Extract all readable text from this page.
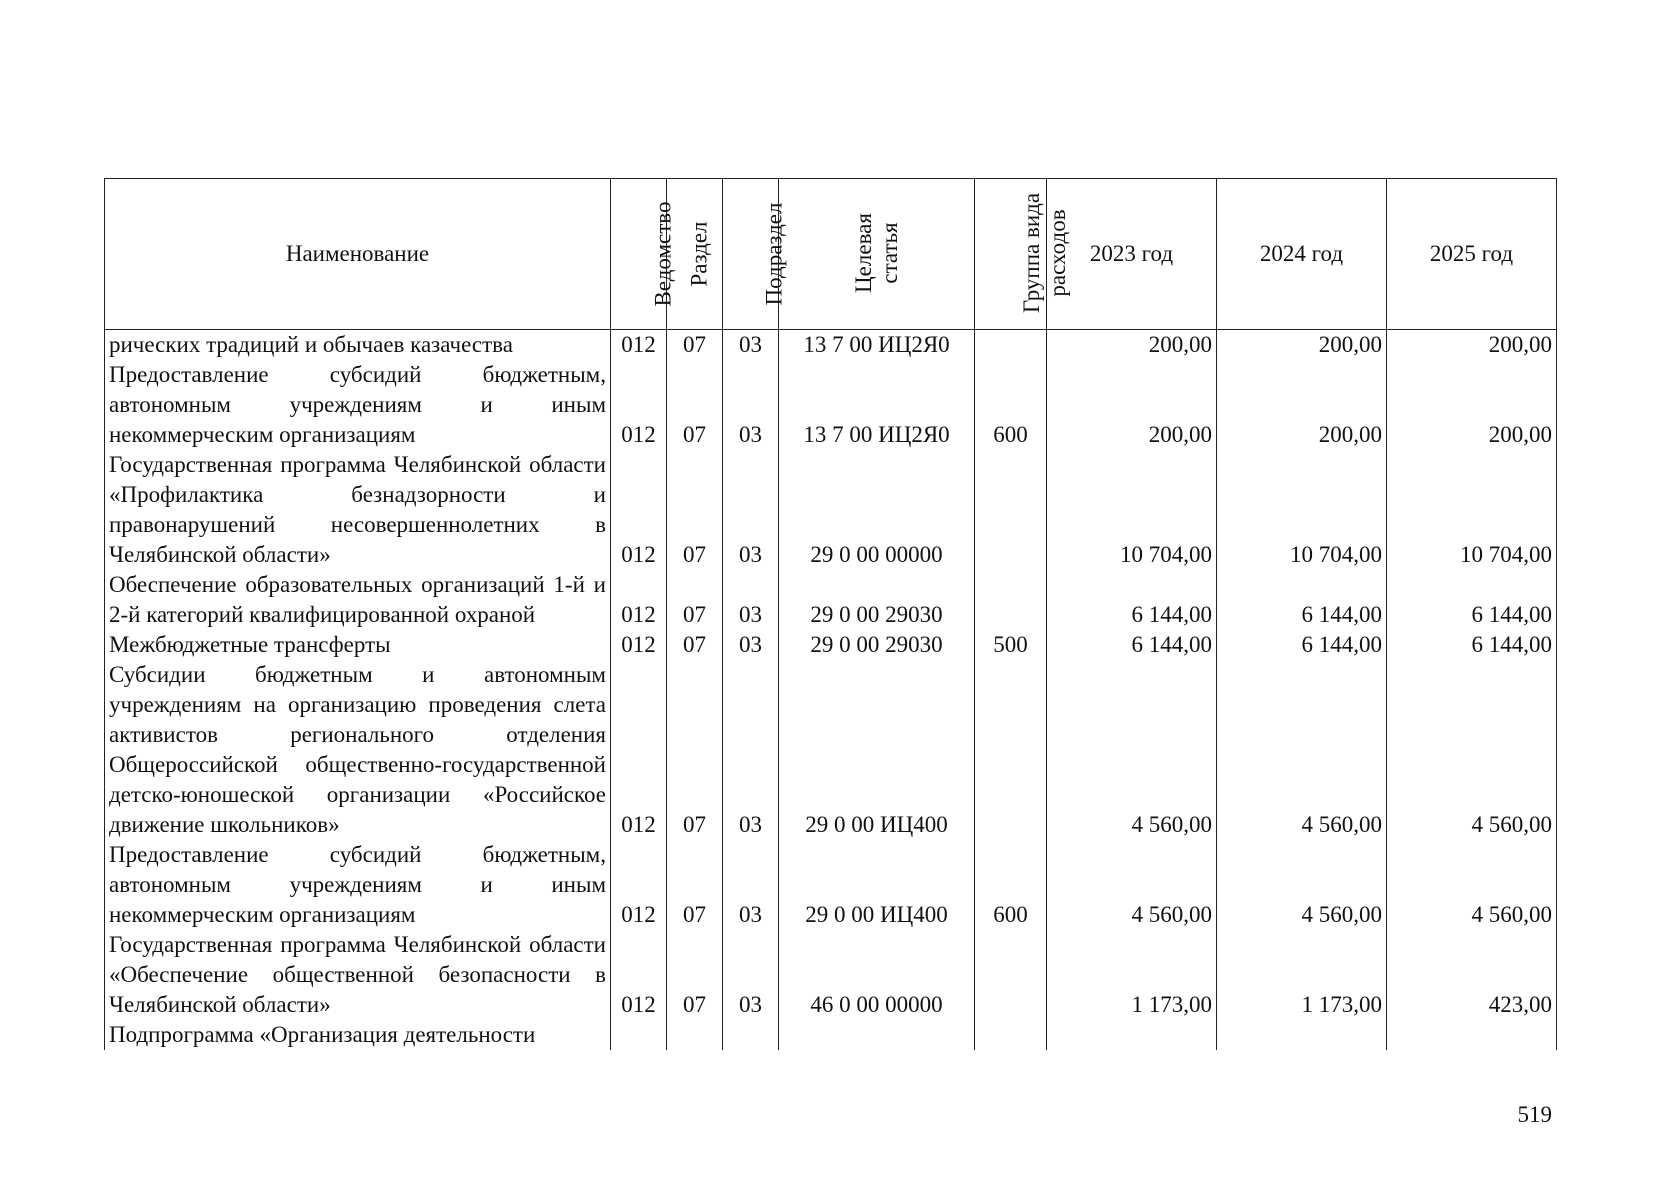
Наименование	Ведомство	Раздел	Подраздел	Целевая статья	Группа вида расходов	2023 год	2024 год	2025 год
рических традиций и обычаев казачества	012	07	03	13 7 00 ИЦ2Я0		200,00	200,00	200,00
Предоставление субсидий бюджетным, автономным учреждениям и иным некоммерческим организациям	012	07	03	13 7 00 ИЦ2Я0	600	200,00	200,00	200,00
Государственная программа Челябинской области «Профилактика безнадзорности и правонарушений несовершеннолетних в Челябинской области»	012	07	03	29 0 00 00000		10 704,00	10 704,00	10 704,00
Обеспечение образовательных организаций 1-й и 2-й категорий квалифицированной охраной	012	07	03	29 0 00 29030		6 144,00	6 144,00	6 144,00
Межбюджетные трансферты	012	07	03	29 0 00 29030	500	6 144,00	6 144,00	6 144,00
Субсидии бюджетным и автономным учреждениям на организацию проведения слета активистов регионального отделения Общероссийской общественно-государственной детско-юношеской организации «Российское движение школьников»	012	07	03	29 0 00 ИЦ400		4 560,00	4 560,00	4 560,00
Предоставление субсидий бюджетным, автономным учреждениям и иным некоммерческим организациям	012	07	03	29 0 00 ИЦ400	600	4 560,00	4 560,00	4 560,00
Государственная программа Челябинской области «Обеспечение общественной безопасности в Челябинской области»	012	07	03	46 0 00 00000		1 173,00	1 173,00	423,00
Подпрограмма «Организация деятельности								
519
